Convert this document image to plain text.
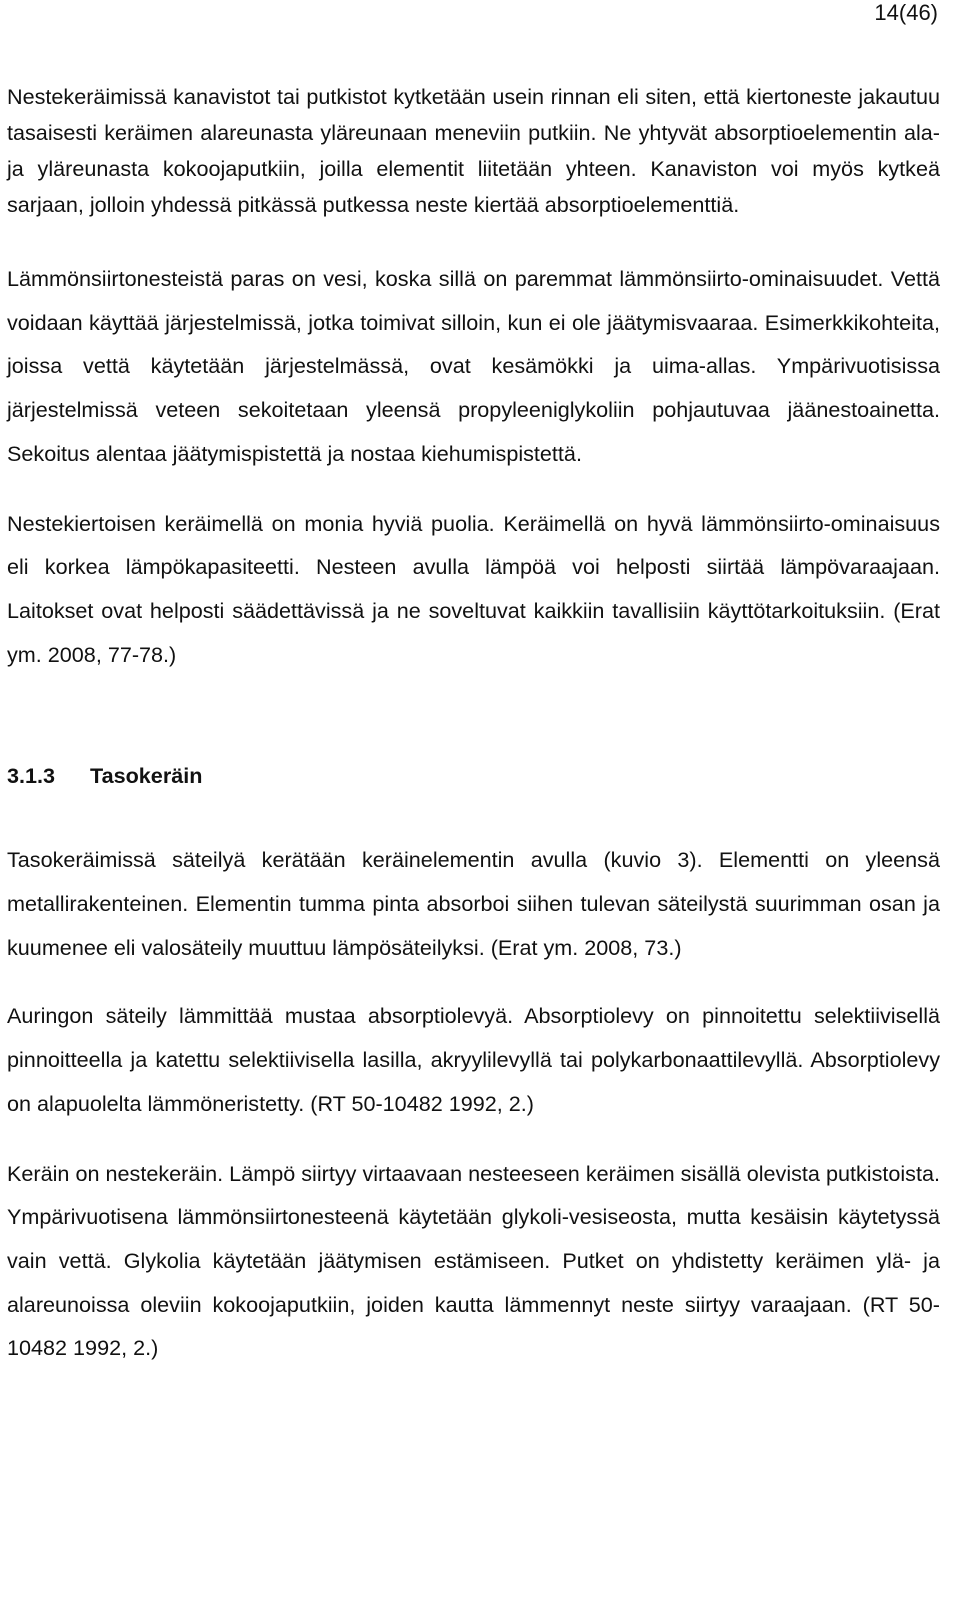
14(46)

Nestekeräimissä kanavistot tai putkistot kytketään usein rinnan eli siten, että kiertoneste jakautuu tasaisesti keräimen alareunasta yläreunaan meneviin putkiin. Ne yhtyvät absorptioelementin ala- ja yläreunasta kokoojaputkiin, joilla elementit liitetään yhteen. Kanaviston voi myös kytkeä sarjaan, jolloin yhdessä pitkässä putkessa neste kiertää absorptioelementtiä.

Lämmönsiirtonesteistä paras on vesi, koska sillä on paremmat lämmönsiirto-ominaisuudet. Vettä voidaan käyttää järjestelmissä, jotka toimivat silloin, kun ei ole jäätymisvaaraa. Esimerkkikohteita, joissa vettä käytetään järjestelmässä, ovat kesämökki ja uima-allas. Ympärivuotisissa järjestelmissä veteen sekoitetaan yleensä propyleeniglykoliin pohjautuvaa jäänestoainetta. Sekoitus alentaa jäätymispistettä ja nostaa kiehumispistettä.

Nestekiertoisen keräimellä on monia hyviä puolia. Keräimellä on hyvä lämmönsiirto-ominaisuus eli korkea lämpökapasiteetti. Nesteen avulla lämpöä voi helposti siirtää lämpövaraajaan. Laitokset ovat helposti säädettävissä ja ne soveltuvat kaikkiin tavallisiin käyttötarkoituksiin. (Erat ym. 2008, 77-78.)

3.1.3 Tasokeräin

Tasokeräimissä säteilyä kerätään keräinelementin avulla (kuvio 3). Elementti on yleensä metallirakenteinen. Elementin tumma pinta absorboi siihen tulevan säteilystä suurimman osan ja kuumenee eli valosäteily muuttuu lämpösäteilyksi. (Erat ym. 2008, 73.)

Auringon säteily lämmittää mustaa absorptiolevyä. Absorptiolevy on pinnoitettu selektiivisellä pinnoitteella ja katettu selektiivisella lasilla, akryylilevyllä tai polykarbonaattilevyllä. Absorptiolevy on alapuolelta lämmöneristetty. (RT 50-10482 1992, 2.)

Keräin on nestekeräin. Lämpö siirtyy virtaavaan nesteeseen keräimen sisällä olevista putkistoista. Ympärivuotisena lämmönsiirtonesteenä käytetään glykoli-vesiseosta, mutta kesäisin käytetyssä vain vettä. Glykolia käytetään jäätymisen estämiseen. Putket on yhdistetty keräimen ylä- ja alareunoissa oleviin kokoojaputkiin, joiden kautta lämmennyt neste siirtyy varaajaan. (RT 50-10482 1992, 2.)
